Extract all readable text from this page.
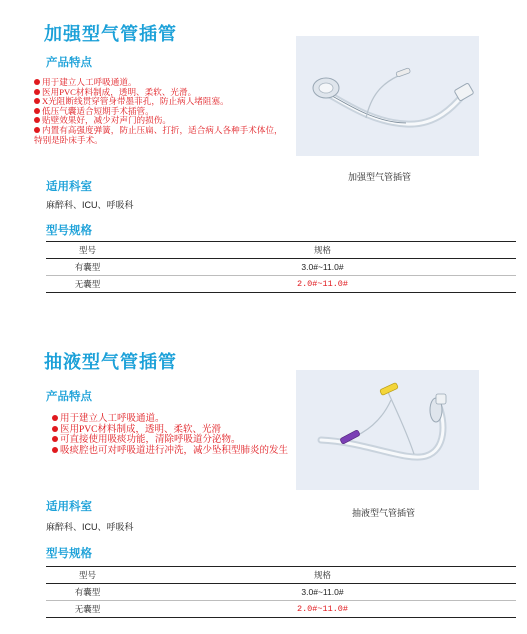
加强型气管插管
产品特点
用于建立人工呼吸通道。
医用PVC材料制成，透明、柔软、光滑。
X光阻断线贯穿管身带墨菲孔，防止病人堵阻塞。
低压气囊适合短期手术插管。
贴壁效果好，减少对声门的损伤。
内置有高强度弹簧，防止压扁、打折，适合病人各种手术体位，特别是卧床手术。
加强型气管插管
适用科室
麻醉科、ICU、呼吸科
型号规格
型号	规格
有囊型	3.0#~11.0#
无囊型	2.0#~11.0#
抽液型气管插管
产品特点
用于建立人工呼吸通道。
医用PVC材料制成，透明、柔软、光滑
可直接使用吸痰功能，清除呼吸道分泌物。
吸痰腔也可对呼吸道进行冲洗，减少坠积型肺炎的发生
抽液型气管插管
适用科室
麻醉科、ICU、呼吸科
型号规格
型号	规格
有囊型	3.0#~11.0#
无囊型	2.0#~11.0#
